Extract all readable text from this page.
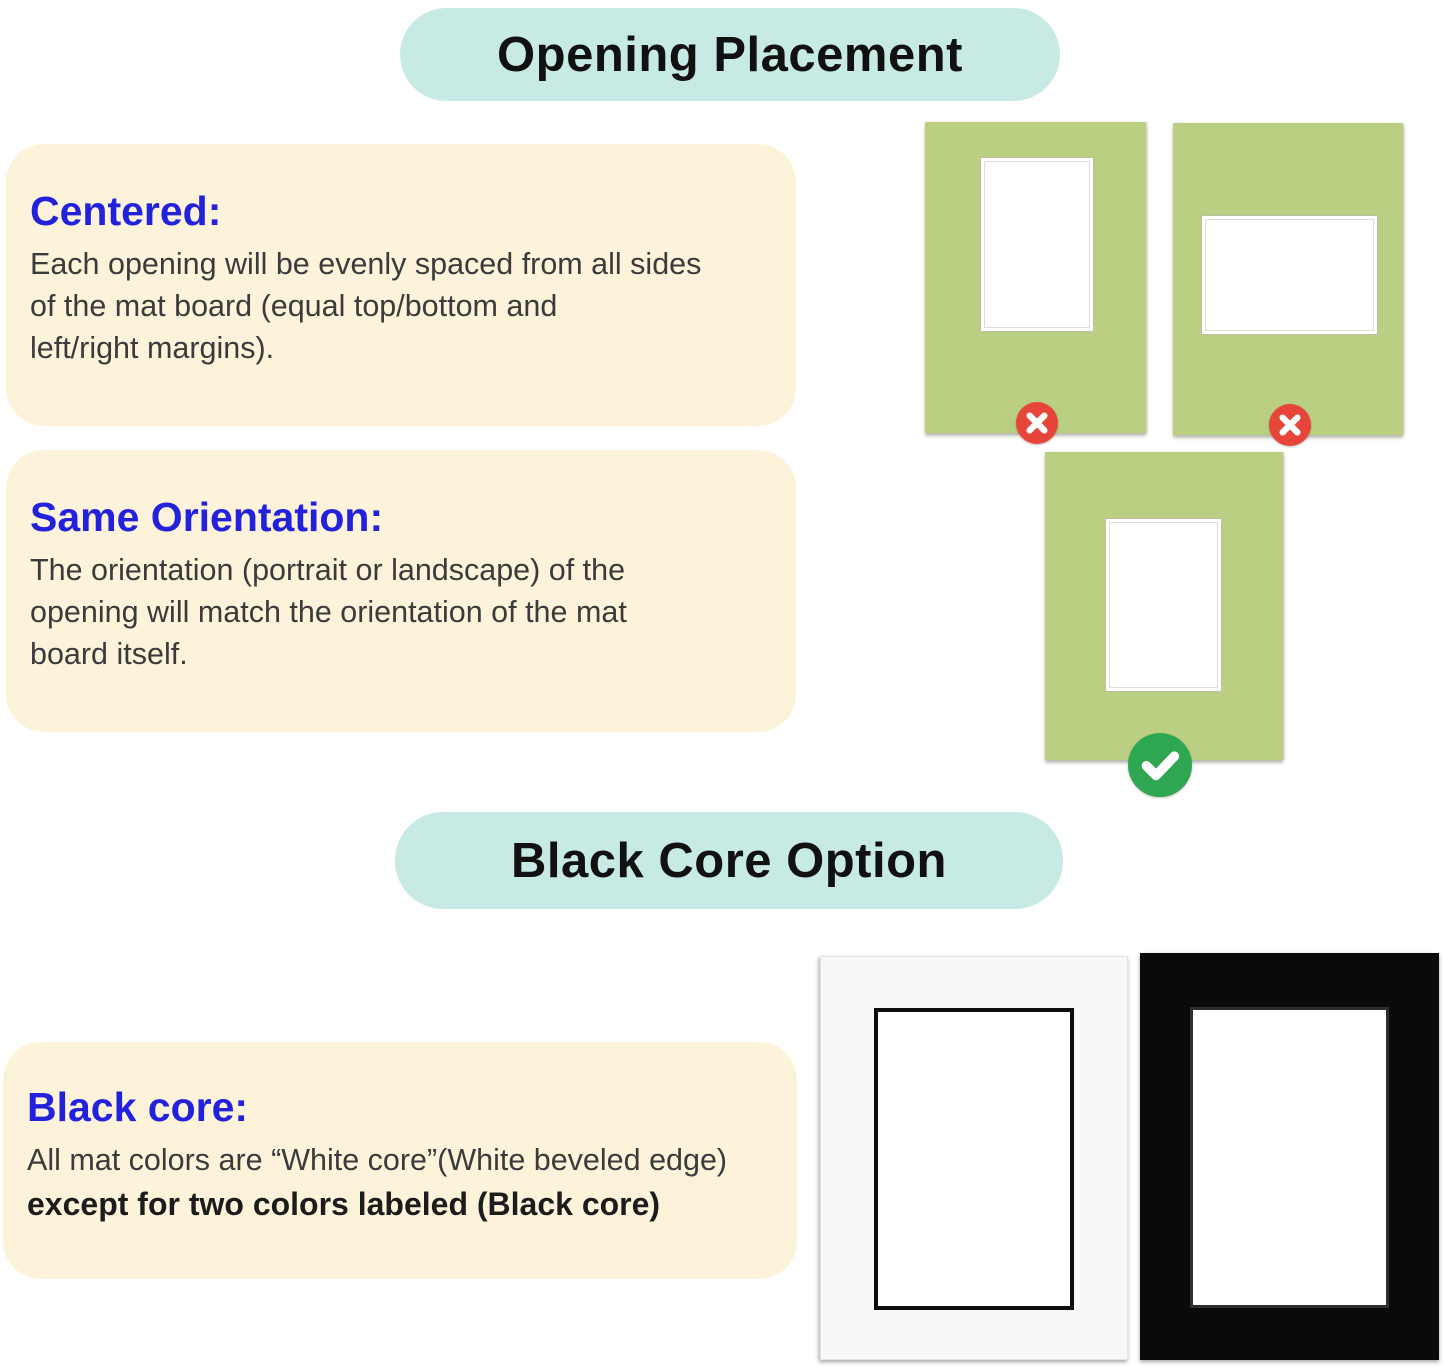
Opening Placement
Centered:
Each opening will be evenly spaced from all sides
of the mat board (equal top/bottom and
left/right margins).
Same Orientation:
The orientation (portrait or landscape) of the
opening will match the orientation of the mat
board itself.
Black Core Option
Black core:
All mat colors are “White core”(White beveled edge)
except for two colors labeled (Black core)
